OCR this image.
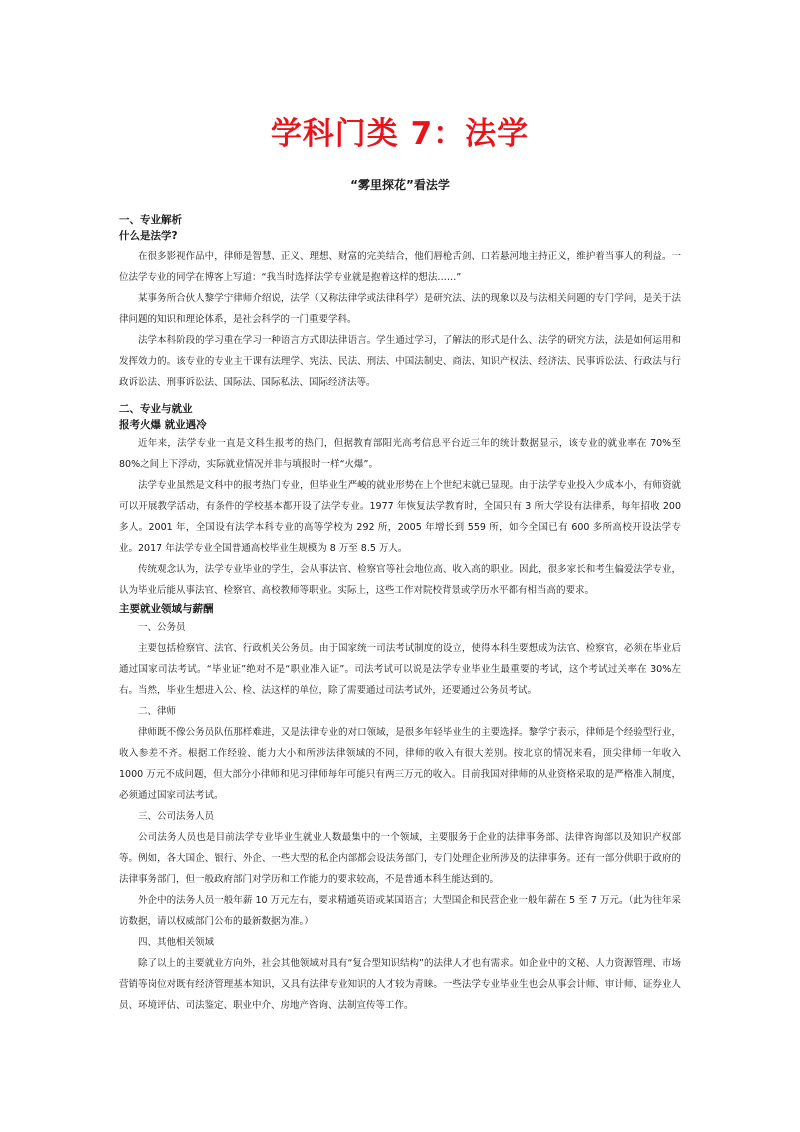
学科门类 7：法学
“雾里探花”看法学
一、专业解析
什么是法学?

在很多影视作品中，律师是智慧、正义、理想、财富的完美结合，他们唇枪舌剑、口若悬河地主持正义，维护着当事人的利益。一位法学专业的同学在博客上写道：“我当时选择法学专业就是抱着这样的想法……”

某事务所合伙人黎学宁律师介绍说，法学（又称法律学或法律科学）是研究法、法的现象以及与法相关问题的专门学问，是关于法律问题的知识和理论体系，是社会科学的一门重要学科。

法学本科阶段的学习重在学习一种语言方式即法律语言。学生通过学习，了解法的形式是什么、法学的研究方法，法是如何运用和发挥效力的。该专业的专业主干课有法理学、宪法、民法、刑法、中国法制史、商法、知识产权法、经济法、民事诉讼法、行政法与行政诉讼法、刑事诉讼法、国际法、国际私法、国际经济法等。

二、专业与就业
报考火爆 就业遇冷

近年来，法学专业一直是文科生报考的热门，但据教育部阳光高考信息平台近三年的统计数据显示，该专业的就业率在 70%至 80%之间上下浮动，实际就业情况并非与填报时一样“火爆”。

法学专业虽然是文科中的报考热门专业，但毕业生严峻的就业形势在上个世纪末就已显现。由于法学专业投入少成本小，有师资就可以开展教学活动，有条件的学校基本都开设了法学专业。1977 年恢复法学教育时，全国只有 3 所大学设有法律系，每年招收 200多人。2001 年，全国设有法学本科专业的高等学校为 292 所，2005 年增长到 559 所，如今全国已有 600 多所高校开设法学专业。2017 年法学专业全国普通高校毕业生规模为 8 万至 8.5 万人。

传统观念认为，法学专业毕业的学生，会从事法官、检察官等社会地位高、收入高的职业。因此，很多家长和考生偏爱法学专业，认为毕业后能从事法官、检察官、高校教师等职业。实际上，这些工作对院校背景或学历水平都有相当高的要求。

主要就业领域与薪酬

一、公务员

主要包括检察官、法官、行政机关公务员。由于国家统一司法考试制度的设立，使得本科生要想成为法官、检察官，必须在毕业后通过国家司法考试。“毕业证”绝对不是“职业准入证”。司法考试可以说是法学专业毕业生最重要的考试，这个考试过关率在 30%左右。当然，毕业生想进入公、检、法这样的单位，除了需要通过司法考试外，还要通过公务员考试。

二、律师

律师既不像公务员队伍那样难进，又是法律专业的对口领域，是很多年轻毕业生的主要选择。黎学宁表示，律师是个经验型行业，收入参差不齐。根据工作经验、能力大小和所涉法律领域的不同，律师的收入有很大差别。按北京的情况来看，顶尖律师一年收入 1000 万元不成问题，但大部分小律师和见习律师每年可能只有两三万元的收入。目前我国对律师的从业资格采取的是严格准入制度，必须通过国家司法考试。

三、公司法务人员

公司法务人员也是目前法学专业毕业生就业人数最集中的一个领域，主要服务于企业的法律事务部、法律咨询部以及知识产权部等。例如，各大国企、银行、外企、一些大型的私企内部都会设法务部门，专门处理企业所涉及的法律事务。还有一部分供职于政府的法律事务部门，但一般政府部门对学历和工作能力的要求较高，不是普通本科生能达到的。

外企中的法务人员一般年薪 10 万元左右，要求精通英语或某国语言；大型国企和民营企业一般年薪在 5 至 7 万元。（此为往年采访数据，请以权威部门公布的最新数据为准。）

四、其他相关领域

除了以上的主要就业方向外，社会其他领域对具有“复合型知识结构”的法律人才也有需求。如企业中的文秘、人力资源管理、市场营销等岗位对既有经济管理基本知识，又具有法律专业知识的人才较为青睐。一些法学专业毕业生也会从事会计师、审计师、证券业人员、环境评估、司法鉴定、职业中介、房地产咨询、法制宣传等工作。
